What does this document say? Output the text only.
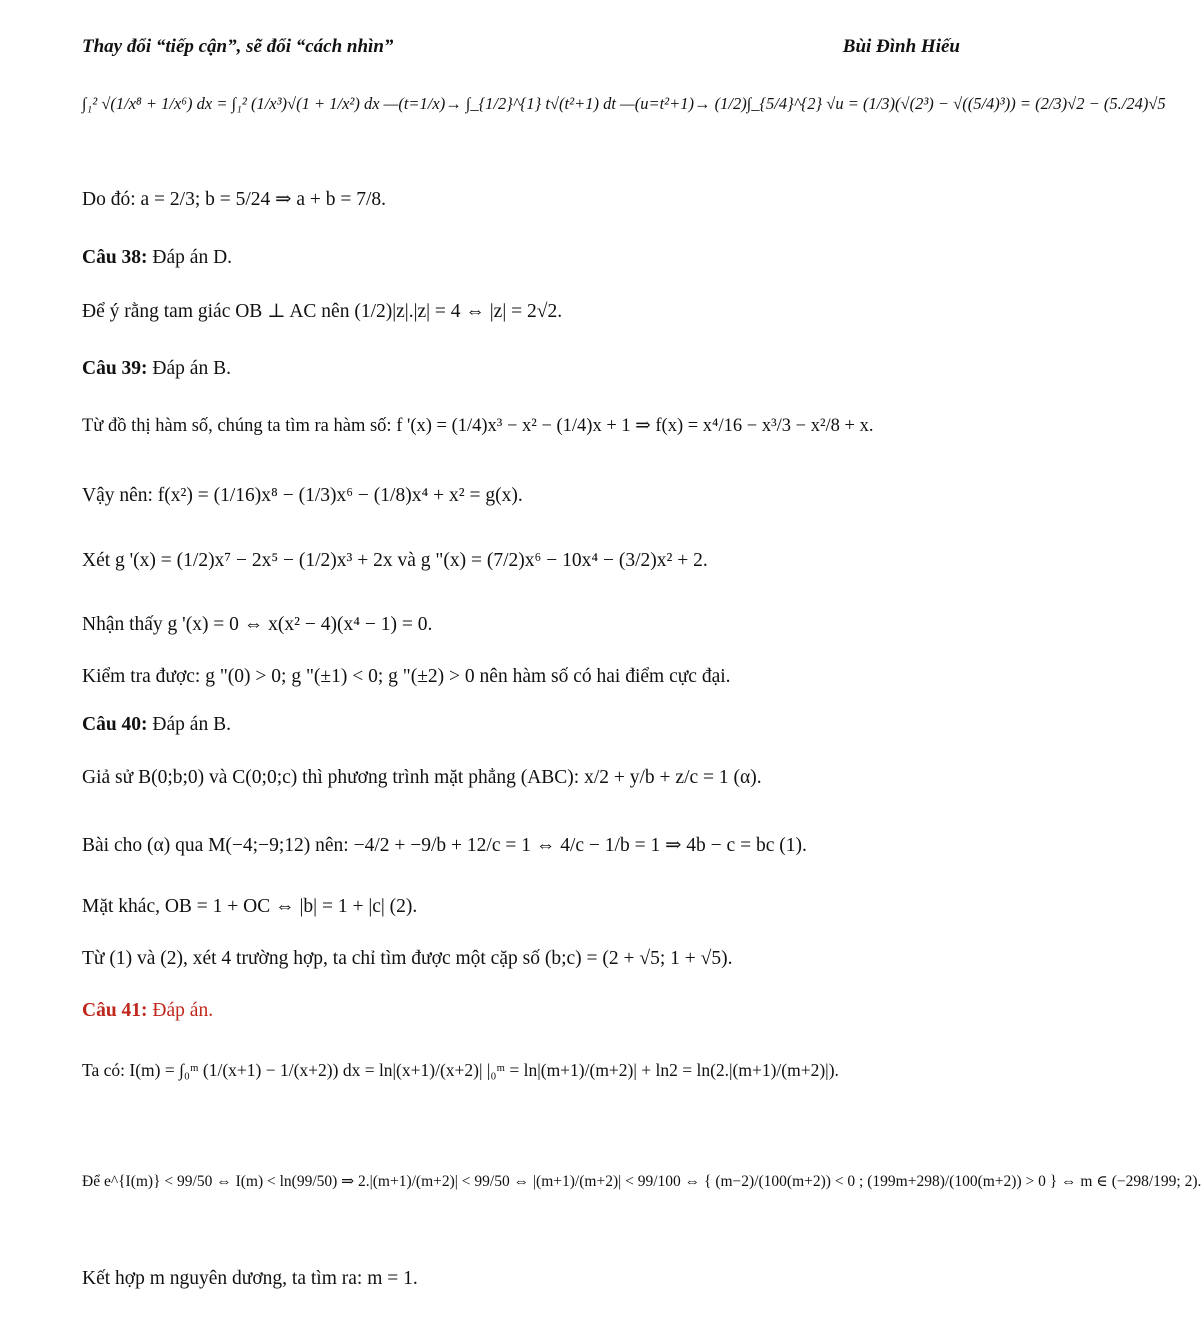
Thay đổi “tiếp cận”, sẽ đổi “cách nhìn”	Bùi Đình Hiếu
∫₁² √(1/x⁸ + 1/x⁶) dx = ∫₁² (1/x³)√(1 + 1/x²) dx —(t=1/x)→ ∫_{1/2}^{1} t√(t²+1) dt —(u=t²+1)→ (1/2)∫_{5/4}^{2} √u = (1/3)(√(2³) − √((5/4)³)) = (2/3)√2 − (5./24)√5
Do đó: a = 2/3; b = 5/24 ⇒ a + b = 7/8.
Câu 38: Đáp án D.
Để ý rằng tam giác OB ⊥ AC nên (1/2)|z|.|z| = 4 ⇔ |z| = 2√2.
Câu 39: Đáp án B.
Từ đồ thị hàm số, chúng ta tìm ra hàm số: f '(x) = (1/4)x³ − x² − (1/4)x + 1 ⇒ f(x) = x⁴/16 − x³/3 − x²/8 + x.
Vậy nên: f(x²) = (1/16)x⁸ − (1/3)x⁶ − (1/8)x⁴ + x² = g(x).
Xét g '(x) = (1/2)x⁷ − 2x⁵ − (1/2)x³ + 2x và g "(x) = (7/2)x⁶ − 10x⁴ − (3/2)x² + 2.
Nhận thấy g '(x) = 0 ⇔ x(x² − 4)(x⁴ − 1) = 0.
Kiểm tra được: g "(0) > 0; g "(±1) < 0; g "(±2) > 0 nên hàm số có hai điểm cực đại.
Câu 40: Đáp án B.
Giả sử B(0;b;0) và C(0;0;c) thì phương trình mặt phẳng (ABC): x/2 + y/b + z/c = 1 (α).
Bài cho (α) qua M(−4;−9;12) nên: −4/2 + −9/b + 12/c = 1 ⇔ 4/c − 1/b = 1 ⇒ 4b − c = bc (1).
Mặt khác, OB = 1 + OC ⇔ |b| = 1 + |c| (2).
Từ (1) và (2), xét 4 trường hợp, ta chỉ tìm được một cặp số (b;c) = (2 + √5; 1 + √5).
Câu 41: Đáp án.
Ta có: I(m) = ∫₀ᵐ (1/(x+1) − 1/(x+2)) dx = ln|(x+1)/(x+2)| |₀ᵐ = ln|(m+1)/(m+2)| + ln2 = ln(2.|(m+1)/(m+2)|).
Để e^{I(m)} < 99/50 ⇔ I(m) < ln(99/50) ⇒ 2.|(m+1)/(m+2)| < 99/50 ⇔ |(m+1)/(m+2)| < 99/100 ⇔ { (m−2)/(100(m+2)) < 0 ; (199m+298)/(100(m+2)) > 0 } ⇔ m ∈ (−298/199; 2).
Kết hợp m nguyên dương, ta tìm ra: m = 1.
